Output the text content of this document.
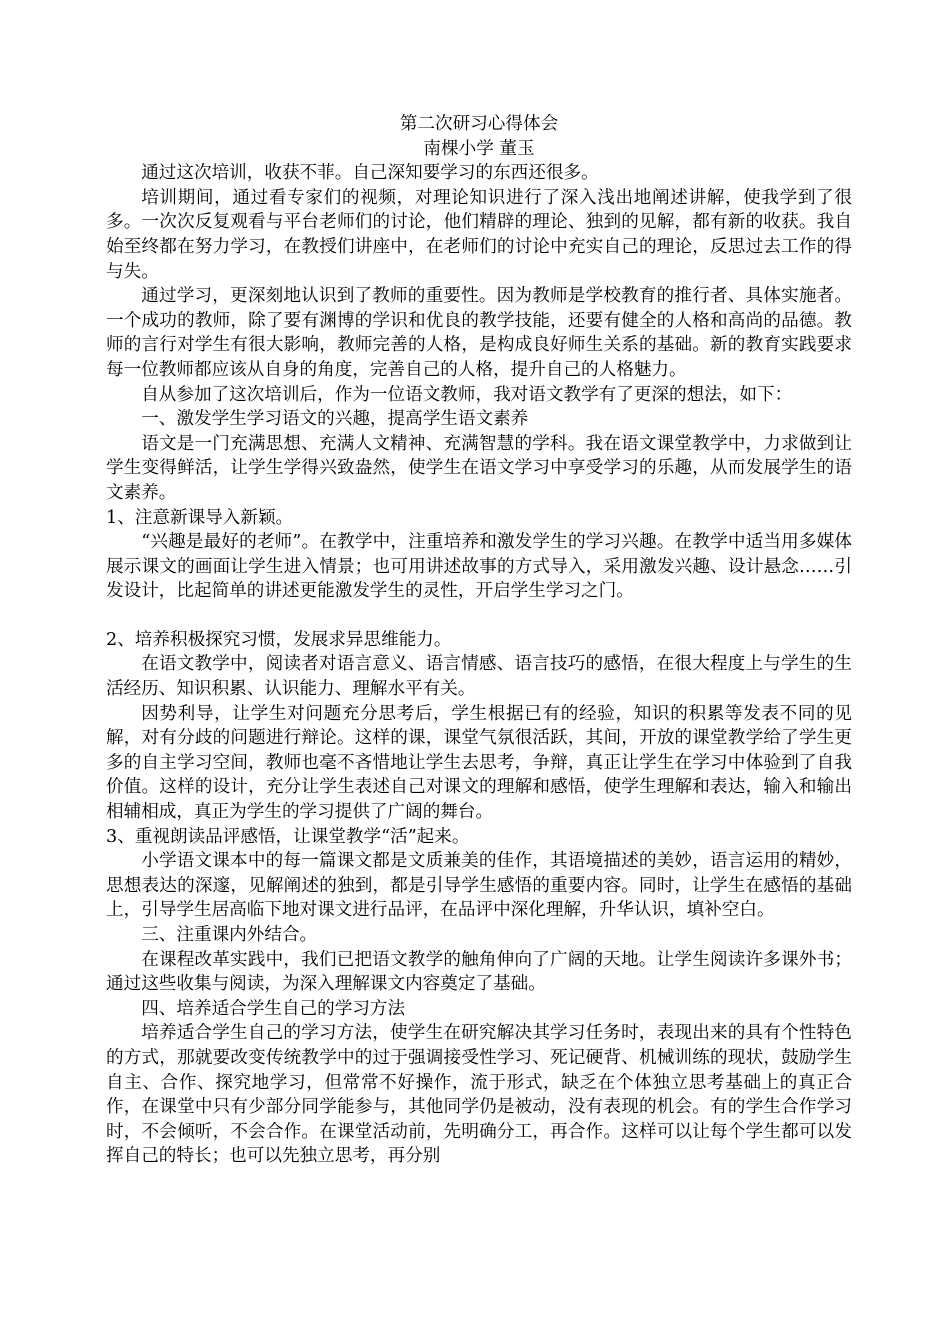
第二次研习心得体会

南棵小学 董玉

通过这次培训，收获不菲。自己深知要学习的东西还很多。

培训期间，通过看专家们的视频，对理论知识进行了深入浅出地阐述讲解，使我学到了很多。一次次反复观看与平台老师们的讨论，他们精辟的理论、独到的见解，都有新的收获。我自始至终都在努力学习，在教授们讲座中，在老师们的讨论中充实自己的理论，反思过去工作的得与失。

通过学习，更深刻地认识到了教师的重要性。因为教师是学校教育的推行者、具体实施者。一个成功的教师，除了要有渊博的学识和优良的教学技能，还要有健全的人格和高尚的品德。教师的言行对学生有很大影响，教师完善的人格，是构成良好师生关系的基础。新的教育实践要求每一位教师都应该从自身的角度，完善自己的人格，提升自己的人格魅力。

自从参加了这次培训后，作为一位语文教师，我对语文教学有了更深的想法，如下：

一、激发学生学习语文的兴趣，提高学生语文素养

语文是一门充满思想、充满人文精神、充满智慧的学科。我在语文课堂教学中，力求做到让学生变得鲜活，让学生学得兴致盎然，使学生在语文学习中享受学习的乐趣，从而发展学生的语文素养。

1、注意新课导入新颖。

“兴趣是最好的老师”。在教学中，注重培养和激发学生的学习兴趣。在教学中适当用多媒体展示课文的画面让学生进入情景；也可用讲述故事的方式导入，采用激发兴趣、设计悬念……引发设计，比起简单的讲述更能激发学生的灵性，开启学生学习之门。

2、培养积极探究习惯，发展求异思维能力。

在语文教学中，阅读者对语言意义、语言情感、语言技巧的感悟，在很大程度上与学生的生活经历、知识积累、认识能力、理解水平有关。

因势利导，让学生对问题充分思考后，学生根据已有的经验，知识的积累等发表不同的见解，对有分歧的问题进行辩论。这样的课，课堂气氛很活跃，其间，开放的课堂教学给了学生更多的自主学习空间，教师也毫不吝惜地让学生去思考，争辩，真正让学生在学习中体验到了自我价值。这样的设计，充分让学生表述自己对课文的理解和感悟，使学生理解和表达，输入和输出相辅相成，真正为学生的学习提供了广阔的舞台。

3、重视朗读品评感悟，让课堂教学“活”起来。

小学语文课本中的每一篇课文都是文质兼美的佳作，其语境描述的美妙，语言运用的精妙，思想表达的深邃，见解阐述的独到，都是引导学生感悟的重要内容。同时，让学生在感悟的基础上，引导学生居高临下地对课文进行品评，在品评中深化理解，升华认识，填补空白。

三、注重课内外结合。

在课程改革实践中，我们已把语文教学的触角伸向了广阔的天地。让学生阅读许多课外书；通过这些收集与阅读，为深入理解课文内容奠定了基础。

四、培养适合学生自己的学习方法

培养适合学生自己的学习方法，使学生在研究解决其学习任务时，表现出来的具有个性特色的方式，那就要改变传统教学中的过于强调接受性学习、死记硬背、机械训练的现状，鼓励学生自主、合作、探究地学习，但常常不好操作，流于形式，缺乏在个体独立思考基础上的真正合作，在课堂中只有少部分同学能参与，其他同学仍是被动，没有表现的机会。有的学生合作学习时，不会倾听，不会合作。在课堂活动前，先明确分工，再合作。这样可以让每个学生都可以发挥自己的特长；也可以先独立思考，再分别
